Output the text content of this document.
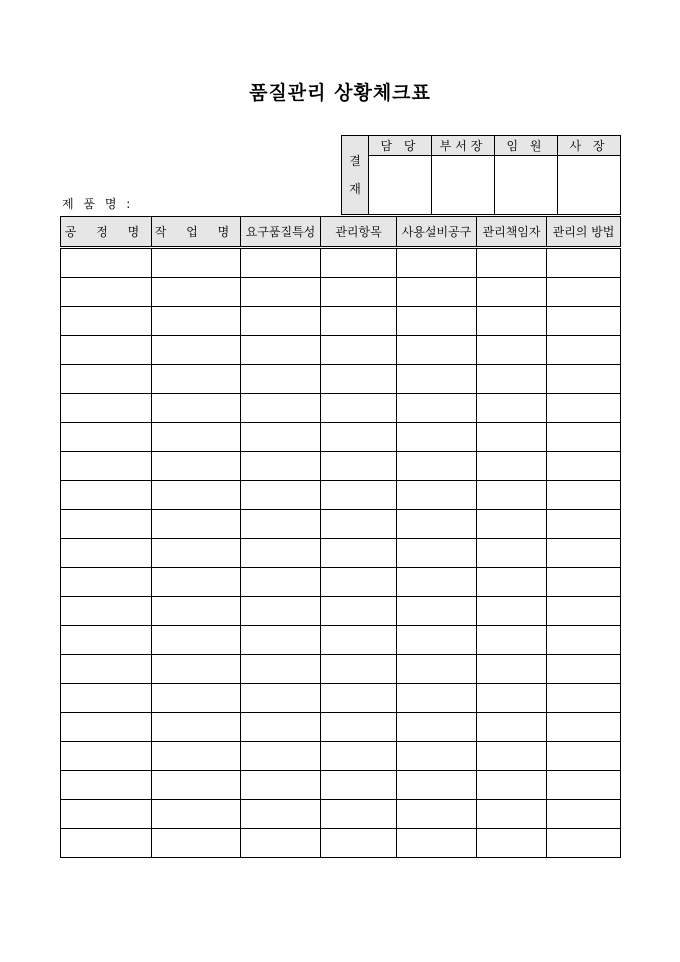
품질관리 상황체크표
제 품 명 :
결
재	담 당	부서장	임 원	사 장

공 정 명	작 업 명	요구품질특성	관리항목	사용설비공구	관리책임자	관리의 방법
